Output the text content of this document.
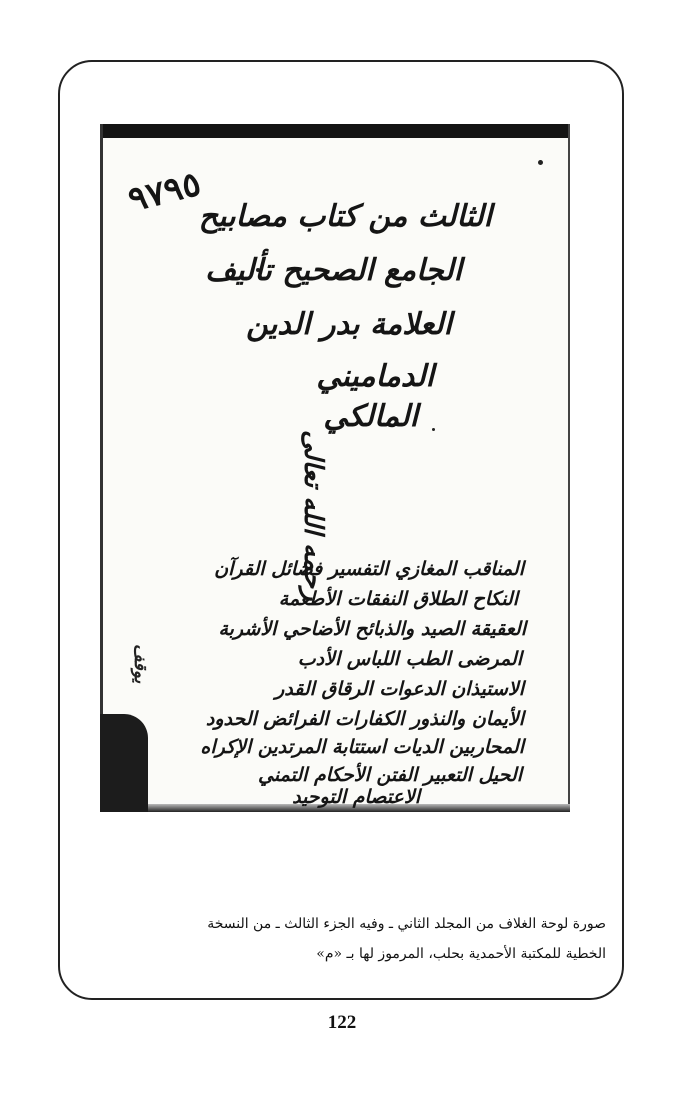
٩٧٩٥
الثالث من كتاب مصابيح
الجامع الصحيح تأليف
العلامة بدر الدين
الدماميني
المالكي
رحمه الله تعالى
المناقب المغازي التفسير فضائل القرآن
النكاح الطلاق النفقات الأطعمة
العقيقة الصيد والذبائح الأضاحي الأشربة
المرضى الطب اللباس الأدب
الاستيذان الدعوات الرقاق القدر
الأيمان والنذور الكفارات الفرائض الحدود
المحاربين الديات استتابة المرتدين الإكراه
الحيل التعبير الفتن الأحكام التمني
الاعتصام التوحيد
يوقف
صورة لوحة الغلاف من المجلد الثاني ـ وفيه الجزء الثالث ـ من النسخة
الخطية للمكتبة الأحمدية بحلب، المرموز لها بـ «م»
122
